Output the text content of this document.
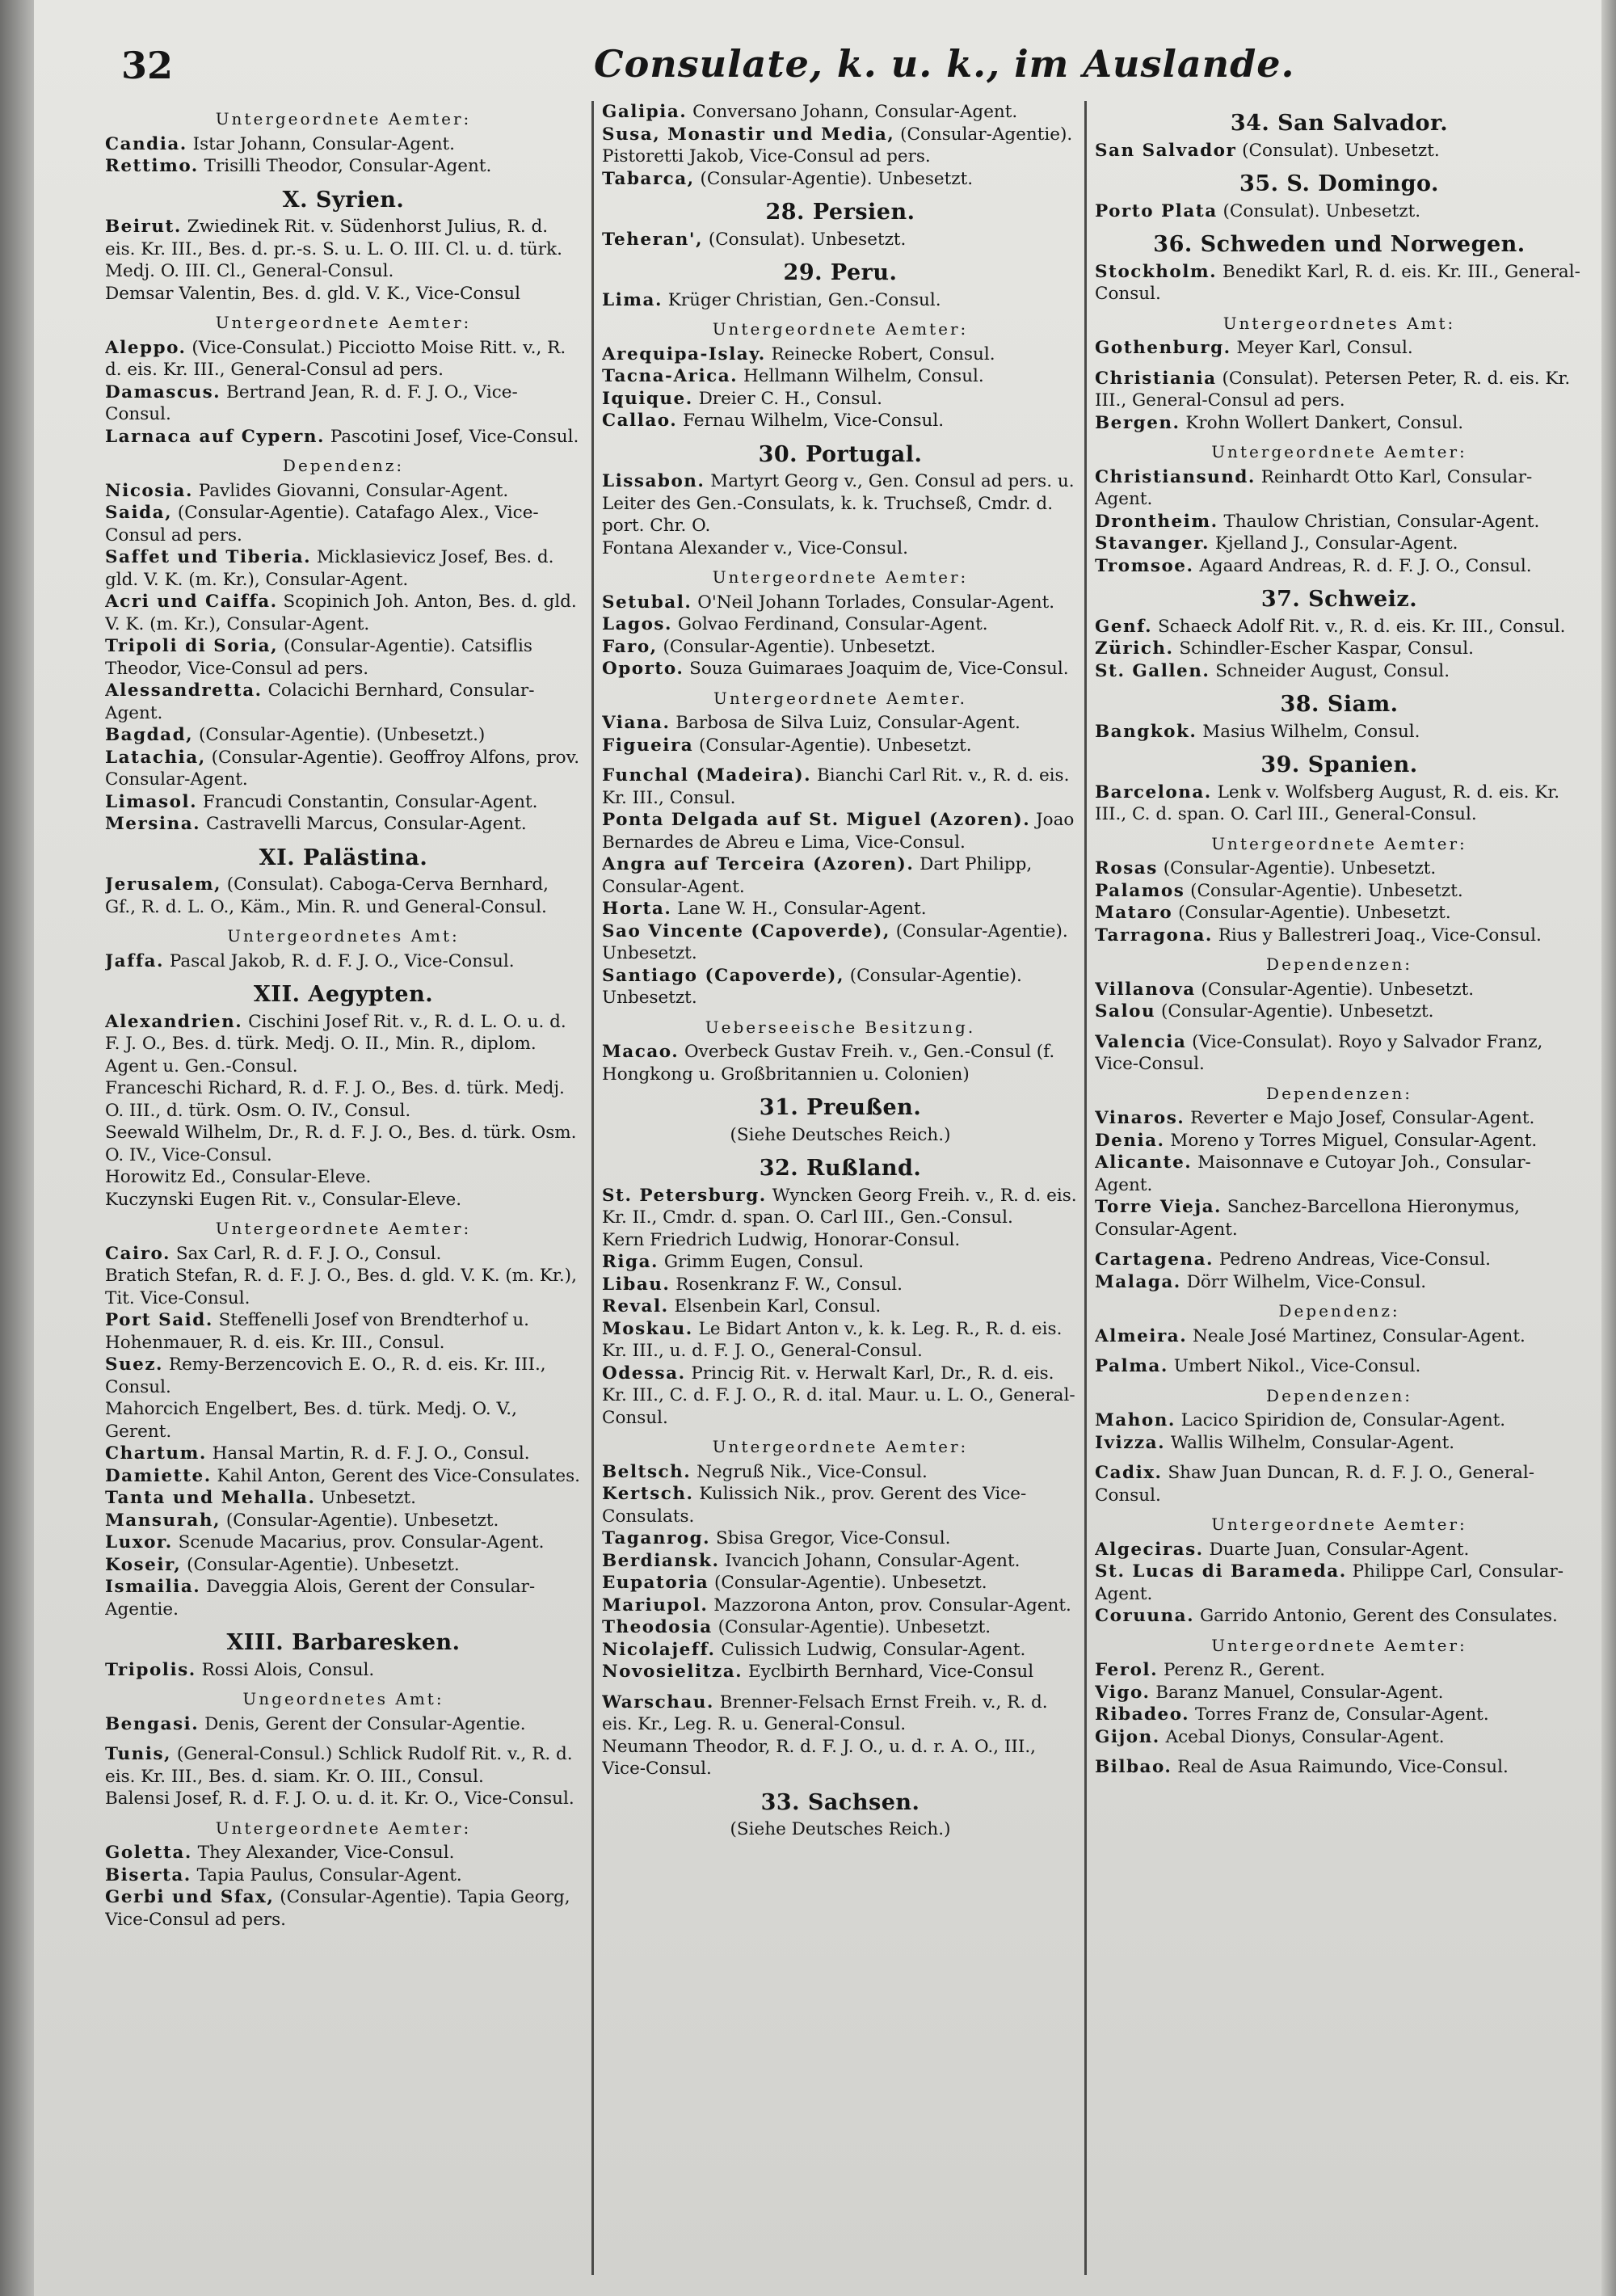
32	Consulate, k. u. k., im Auslande.
Untergeordnete Aemter:

Candia. Istar Johann, Consular-Agent.

Rettimo. Trisilli Theodor, Consular-Agent.

X. Syrien.

Beirut. Zwiedinek Rit. v. Südenhorst Julius, R. d. eis. Kr. III., Bes. d. pr.-s. S. u. L. O. III. Cl. u. d. türk. Medj. O. III. Cl., General-Consul.

Demsar Valentin, Bes. d. gld. V. K., Vice-Consul

Untergeordnete Aemter:

Aleppo. (Vice-Consulat.) Picciotto Moise Ritt. v., R. d. eis. Kr. III., General-Consul ad pers.

Damascus. Bertrand Jean, R. d. F. J. O., Vice-Consul.

Larnaca auf Cypern. Pascotini Josef, Vice-Consul.

Dependenz:

Nicosia. Pavlides Giovanni, Consular-Agent.

Saida, (Consular-Agentie). Catafago Alex., Vice-Consul ad pers.

Saffet und Tiberia. Micklasievicz Josef, Bes. d. gld. V. K. (m. Kr.), Consular-Agent.

Acri und Caiffa. Scopinich Joh. Anton, Bes. d. gld. V. K. (m. Kr.), Consular-Agent.

Tripoli di Soria, (Consular-Agentie). Catsiflis Theodor, Vice-Consul ad pers.

Alessandretta. Colacichi Bernhard, Consular-Agent.

Bagdad, (Consular-Agentie). (Unbesetzt.)

Latachia, (Consular-Agentie). Geoffroy Alfons, prov. Consular-Agent.

Limasol. Francudi Constantin, Consular-Agent.

Mersina. Castravelli Marcus, Consular-Agent.

XI. Palästina.

Jerusalem, (Consulat). Caboga-Cerva Bernhard, Gf., R. d. L. O., Käm., Min. R. und General-Consul.

Untergeordnetes Amt:

Jaffa. Pascal Jakob, R. d. F. J. O., Vice-Consul.

XII. Aegypten.

Alexandrien. Cischini Josef Rit. v., R. d. L. O. u. d. F. J. O., Bes. d. türk. Medj. O. II., Min. R., diplom. Agent u. Gen.-Consul.

Franceschi Richard, R. d. F. J. O., Bes. d. türk. Medj. O. III., d. türk. Osm. O. IV., Consul.

Seewald Wilhelm, Dr., R. d. F. J. O., Bes. d. türk. Osm. O. IV., Vice-Consul.

Horowitz Ed., Consular-Eleve.

Kuczynski Eugen Rit. v., Consular-Eleve.

Untergeordnete Aemter:

Cairo. Sax Carl, R. d. F. J. O., Consul.

Bratich Stefan, R. d. F. J. O., Bes. d. gld. V. K. (m. Kr.), Tit. Vice-Consul.

Port Said. Steffenelli Josef von Brendterhof u. Hohenmauer, R. d. eis. Kr. III., Consul.

Suez. Remy-Berzencovich E. O., R. d. eis. Kr. III., Consul.

Mahorcich Engelbert, Bes. d. türk. Medj. O. V., Gerent.

Chartum. Hansal Martin, R. d. F. J. O., Consul.

Damiette. Kahil Anton, Gerent des Vice-Consulates.

Tanta und Mehalla. Unbesetzt.

Mansurah, (Consular-Agentie). Unbesetzt.

Luxor. Scenude Macarius, prov. Consular-Agent.

Koseir, (Consular-Agentie). Unbesetzt.

Ismailia. Daveggia Alois, Gerent der Consular-Agentie.

XIII. Barbaresken.

Tripolis. Rossi Alois, Consul.

Ungeordnetes Amt:

Bengasi. Denis, Gerent der Consular-Agentie.

Tunis, (General-Consul.) Schlick Rudolf Rit. v., R. d. eis. Kr. III., Bes. d. siam. Kr. O. III., Consul.

Balensi Josef, R. d. F. J. O. u. d. it. Kr. O., Vice-Consul.

Untergeordnete Aemter:

Goletta. They Alexander, Vice-Consul.

Biserta. Tapia Paulus, Consular-Agent.

Gerbi und Sfax, (Consular-Agentie). Tapia Georg, Vice-Consul ad pers.

Galipia. Conversano Johann, Consular-Agent.

Susa, Monastir und Media, (Consular-Agentie). Pistoretti Jakob, Vice-Consul ad pers.

Tabarca, (Consular-Agentie). Unbesetzt.

28. Persien.

Teheran', (Consulat). Unbesetzt.

29. Peru.

Lima. Krüger Christian, Gen.-Consul.

Untergeordnete Aemter:

Arequipa-Islay. Reinecke Robert, Consul.

Tacna-Arica. Hellmann Wilhelm, Consul.

Iquique. Dreier C. H., Consul.

Callao. Fernau Wilhelm, Vice-Consul.

30. Portugal.

Lissabon. Martyrt Georg v., Gen. Consul ad pers. u. Leiter des Gen.-Consulats, k. k. Truchseß, Cmdr. d. port. Chr. O.

Fontana Alexander v., Vice-Consul.

Untergeordnete Aemter:

Setubal. O'Neil Johann Torlades, Consular-Agent.

Lagos. Golvao Ferdinand, Consular-Agent.

Faro, (Consular-Agentie). Unbesetzt.

Oporto. Souza Guimaraes Joaquim de, Vice-Consul.

Untergeordnete Aemter.

Viana. Barbosa de Silva Luiz, Consular-Agent.

Figueira (Consular-Agentie). Unbesetzt.

Funchal (Madeira). Bianchi Carl Rit. v., R. d. eis. Kr. III., Consul.

Ponta Delgada auf St. Miguel (Azoren). Joao Bernardes de Abreu e Lima, Vice-Consul.

Angra auf Terceira (Azoren). Dart Philipp, Consular-Agent.

Horta. Lane W. H., Consular-Agent.

Sao Vincente (Capoverde), (Consular-Agentie). Unbesetzt.

Santiago (Capoverde), (Consular-Agentie). Unbesetzt.

Ueberseeische Besitzung.

Macao. Overbeck Gustav Freih. v., Gen.-Consul (f. Hongkong u. Großbritannien u. Colonien)

31. Preußen.
(Siehe Deutsches Reich.)
32. Rußland.

St. Petersburg. Wyncken Georg Freih. v., R. d. eis. Kr. II., Cmdr. d. span. O. Carl III., Gen.-Consul.

Kern Friedrich Ludwig, Honorar-Consul.

Riga. Grimm Eugen, Consul.

Libau. Rosenkranz F. W., Consul.

Reval. Elsenbein Karl, Consul.

Moskau. Le Bidart Anton v., k. k. Leg. R., R. d. eis. Kr. III., u. d. F. J. O., General-Consul.

Odessa. Princig Rit. v. Herwalt Karl, Dr., R. d. eis. Kr. III., C. d. F. J. O., R. d. ital. Maur. u. L. O., General-Consul.

Untergeordnete Aemter:

Beltsch. Negruß Nik., Vice-Consul.

Kertsch. Kulissich Nik., prov. Gerent des Vice-Consulats.

Taganrog. Sbisa Gregor, Vice-Consul.

Berdiansk. Ivancich Johann, Consular-Agent.

Eupatoria (Consular-Agentie). Unbesetzt.

Mariupol. Mazzorona Anton, prov. Consular-Agent.

Theodosia (Consular-Agentie). Unbesetzt.

Nicolajeff. Culissich Ludwig, Consular-Agent.

Novosielitza. Eyclbirth Bernhard, Vice-Consul

Warschau. Brenner-Felsach Ernst Freih. v., R. d. eis. Kr., Leg. R. u. General-Consul.

Neumann Theodor, R. d. F. J. O., u. d. r. A. O., III., Vice-Consul.

33. Sachsen.
(Siehe Deutsches Reich.)
34. San Salvador.

San Salvador (Consulat). Unbesetzt.

35. S. Domingo.

Porto Plata (Consulat). Unbesetzt.

36. Schweden und Norwegen.

Stockholm. Benedikt Karl, R. d. eis. Kr. III., General-Consul.

Untergeordnetes Amt:

Gothenburg. Meyer Karl, Consul.

Christiania (Consulat). Petersen Peter, R. d. eis. Kr. III., General-Consul ad pers.

Bergen. Krohn Wollert Dankert, Consul.

Untergeordnete Aemter:

Christiansund. Reinhardt Otto Karl, Consular-Agent.

Drontheim. Thaulow Christian, Consular-Agent.

Stavanger. Kjelland J., Consular-Agent.

Tromsoe. Agaard Andreas, R. d. F. J. O., Consul.

37. Schweiz.

Genf. Schaeck Adolf Rit. v., R. d. eis. Kr. III., Consul.

Zürich. Schindler-Escher Kaspar, Consul.

St. Gallen. Schneider August, Consul.

38. Siam.

Bangkok. Masius Wilhelm, Consul.

39. Spanien.

Barcelona. Lenk v. Wolfsberg August, R. d. eis. Kr. III., C. d. span. O. Carl III., General-Consul.

Untergeordnete Aemter:

Rosas (Consular-Agentie). Unbesetzt.

Palamos (Consular-Agentie). Unbesetzt.

Mataro (Consular-Agentie). Unbesetzt.

Tarragona. Rius y Ballestreri Joaq., Vice-Consul.

Dependenzen:

Villanova (Consular-Agentie). Unbesetzt.

Salou (Consular-Agentie). Unbesetzt.

Valencia (Vice-Consulat). Royo y Salvador Franz, Vice-Consul.

Dependenzen:

Vinaros. Reverter e Majo Josef, Consular-Agent.

Denia. Moreno y Torres Miguel, Consular-Agent.

Alicante. Maisonnave e Cutoyar Joh., Consular-Agent.

Torre Vieja. Sanchez-Barcellona Hieronymus, Consular-Agent.

Cartagena. Pedreno Andreas, Vice-Consul.

Malaga. Dörr Wilhelm, Vice-Consul.

Dependenz:

Almeira. Neale José Martinez, Consular-Agent.

Palma. Umbert Nikol., Vice-Consul.

Dependenzen:

Mahon. Lacico Spiridion de, Consular-Agent.

Ivizza. Wallis Wilhelm, Consular-Agent.

Cadix. Shaw Juan Duncan, R. d. F. J. O., General-Consul.

Untergeordnete Aemter:

Algeciras. Duarte Juan, Consular-Agent.

St. Lucas di Barameda. Philippe Carl, Consular-Agent.

Coruuna. Garrido Antonio, Gerent des Consulates.

Untergeordnete Aemter:

Ferol. Perenz R., Gerent.

Vigo. Baranz Manuel, Consular-Agent.

Ribadeo. Torres Franz de, Consular-Agent.

Gijon. Acebal Dionys, Consular-Agent.

Bilbao. Real de Asua Raimundo, Vice-Consul.
